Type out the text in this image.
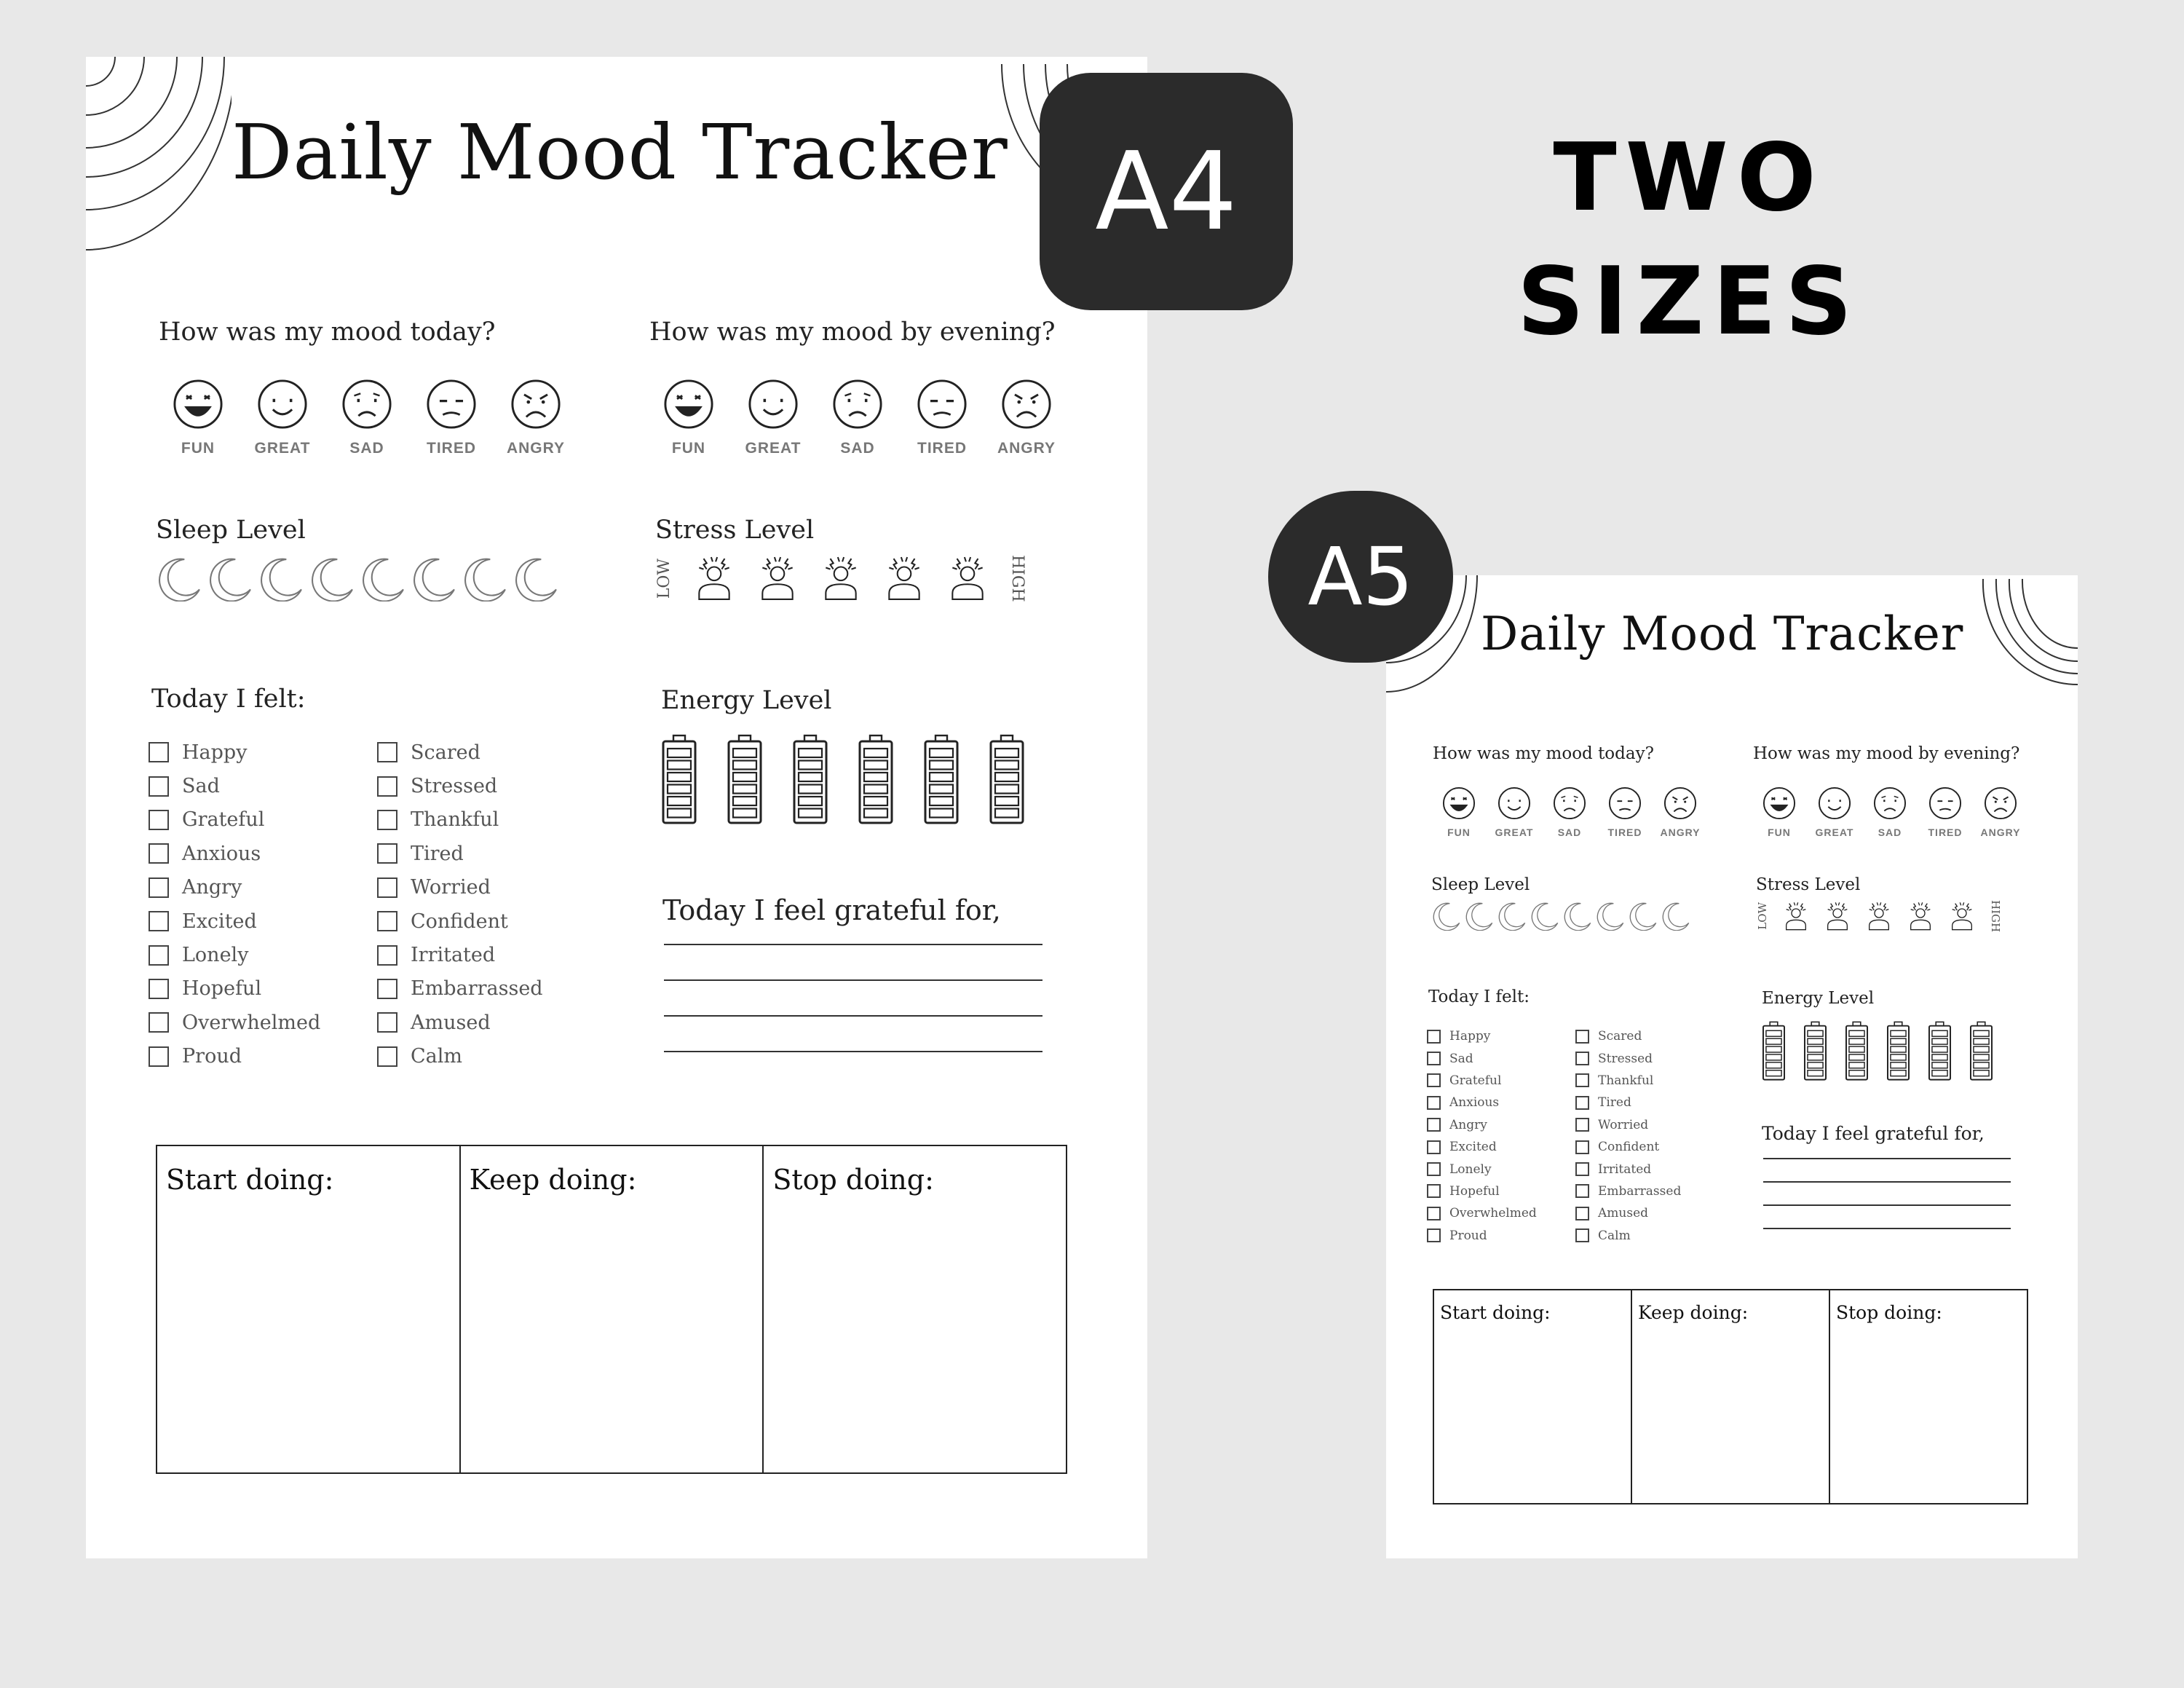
Daily Mood Tracker
How was my mood today?	How was my mood by evening?
FUN	GREAT	SAD	TIRED ANGRY	FUN	GREAT	SAD	TIRED ANGRY
Sleep Level	Stress Level
LOW	HIGH
Today I felt:
Happy
Sad
Grateful
Anxious
Angry
Excited
Lonely
Hopeful
Overwhelmed
Proud
Scared
Stressed
Thankful
Tired
Worried
Confident
Irritated
Embarrassed
Amused
Calm
Energy Level
Today I feel grateful for,
Start doing:	Keep doing:	Stop doing:
A4	TWO
SIZES
Daily Mood Tracker
How was my mood today?	How was my mood by evening?
FUN GREAT SAD	TIRED ANGRY	FUN GREAT SAD	TIRED ANGRY
Sleep Level	Stress Level
LOW	HIGH
Today I felt:
Happy
Sad
Grateful
Anxious
Angry
Excited
Lonely
Hopeful
Overwhelmed
Proud
Scared
Stressed
Thankful
Tired
Worried
Confident
Irritated
Embarrassed
Amused
Calm
Energy Level
Today I feel grateful for,
Start doing:	Keep doing:	Stop doing:
A5
